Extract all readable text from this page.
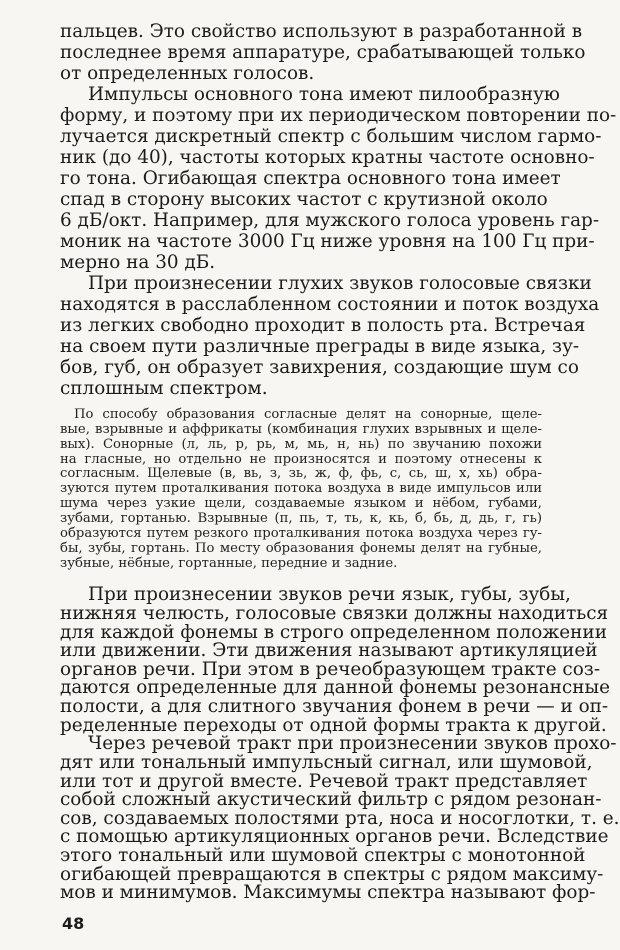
пальцев. Это свойство используют в разработанной в
последнее время аппаратуре, срабатывающей только
от определенных голосов.
Импульсы основного тона имеют пилообразную
форму, и поэтому при их периодическом повторении по-
лучается дискретный спектр с большим числом гармо-
ник (до 40), частоты которых кратны частоте основно-
го тона. Огибающая спектра основного тона имеет
спад в сторону высоких частот с крутизной около
6 дБ/окт. Например, для мужского голоса уровень гар-
моник на частоте 3000 Гц ниже уровня на 100 Гц при-
мерно на 30 дБ.
При произнесении глухих звуков голосовые связки
находятся в расслабленном состоянии и поток воздуха
из легких свободно проходит в полость рта. Встречая
на своем пути различные преграды в виде языка, зу-
бов, губ, он образует завихрения, создающие шум со
сплошным спектром.
По способу образования согласные делят на сонорные, щеле-
вые, взрывные и аффрикаты (комбинация глухих взрывных и щеле-
вых). Сонорные (л, ль, р, рь, м, мь, н, нь) по звучанию похожи
на гласные, но отдельно не произносятся и поэтому отнесены к
согласным. Щелевые (в, вь, з, зь, ж, ф, фь, с, сь, ш, х, хь) обра-
зуются путем проталкивания потока воздуха в виде импульсов или
шума через узкие щели, создаваемые языком и нёбом, губами,
зубами, гортанью. Взрывные (п, пь, т, ть, к, кь, б, бь, д, дь, г, гь)
образуются путем резкого проталкивания потока воздуха через гу-
бы, зубы, гортань. По месту образования фонемы делят на губные,
зубные, нёбные, гортанные, передние и задние.
При произнесении звуков речи язык, губы, зубы,
нижняя челюсть, голосовые связки должны находиться
для каждой фонемы в строго определенном положении
или движении. Эти движения называют артикуляцией
органов речи. При этом в речеобразующем тракте соз-
даются определенные для данной фонемы резонансные
полости, а для слитного звучания фонем в речи — и оп-
ределенные переходы от одной формы тракта к другой.
Через речевой тракт при произнесении звуков прохо-
дят или тональный импульсный сигнал, или шумовой,
или тот и другой вместе. Речевой тракт представляет
собой сложный акустический фильтр с рядом резонан-
сов, создаваемых полостями рта, носа и носоглотки, т. е.
с помощью артикуляционных органов речи. Вследствие
этого тональный или шумовой спектры с монотонной
огибающей превращаются в спектры с рядом максиму-
мов и минимумов. Максимумы спектра называют фор-
48
